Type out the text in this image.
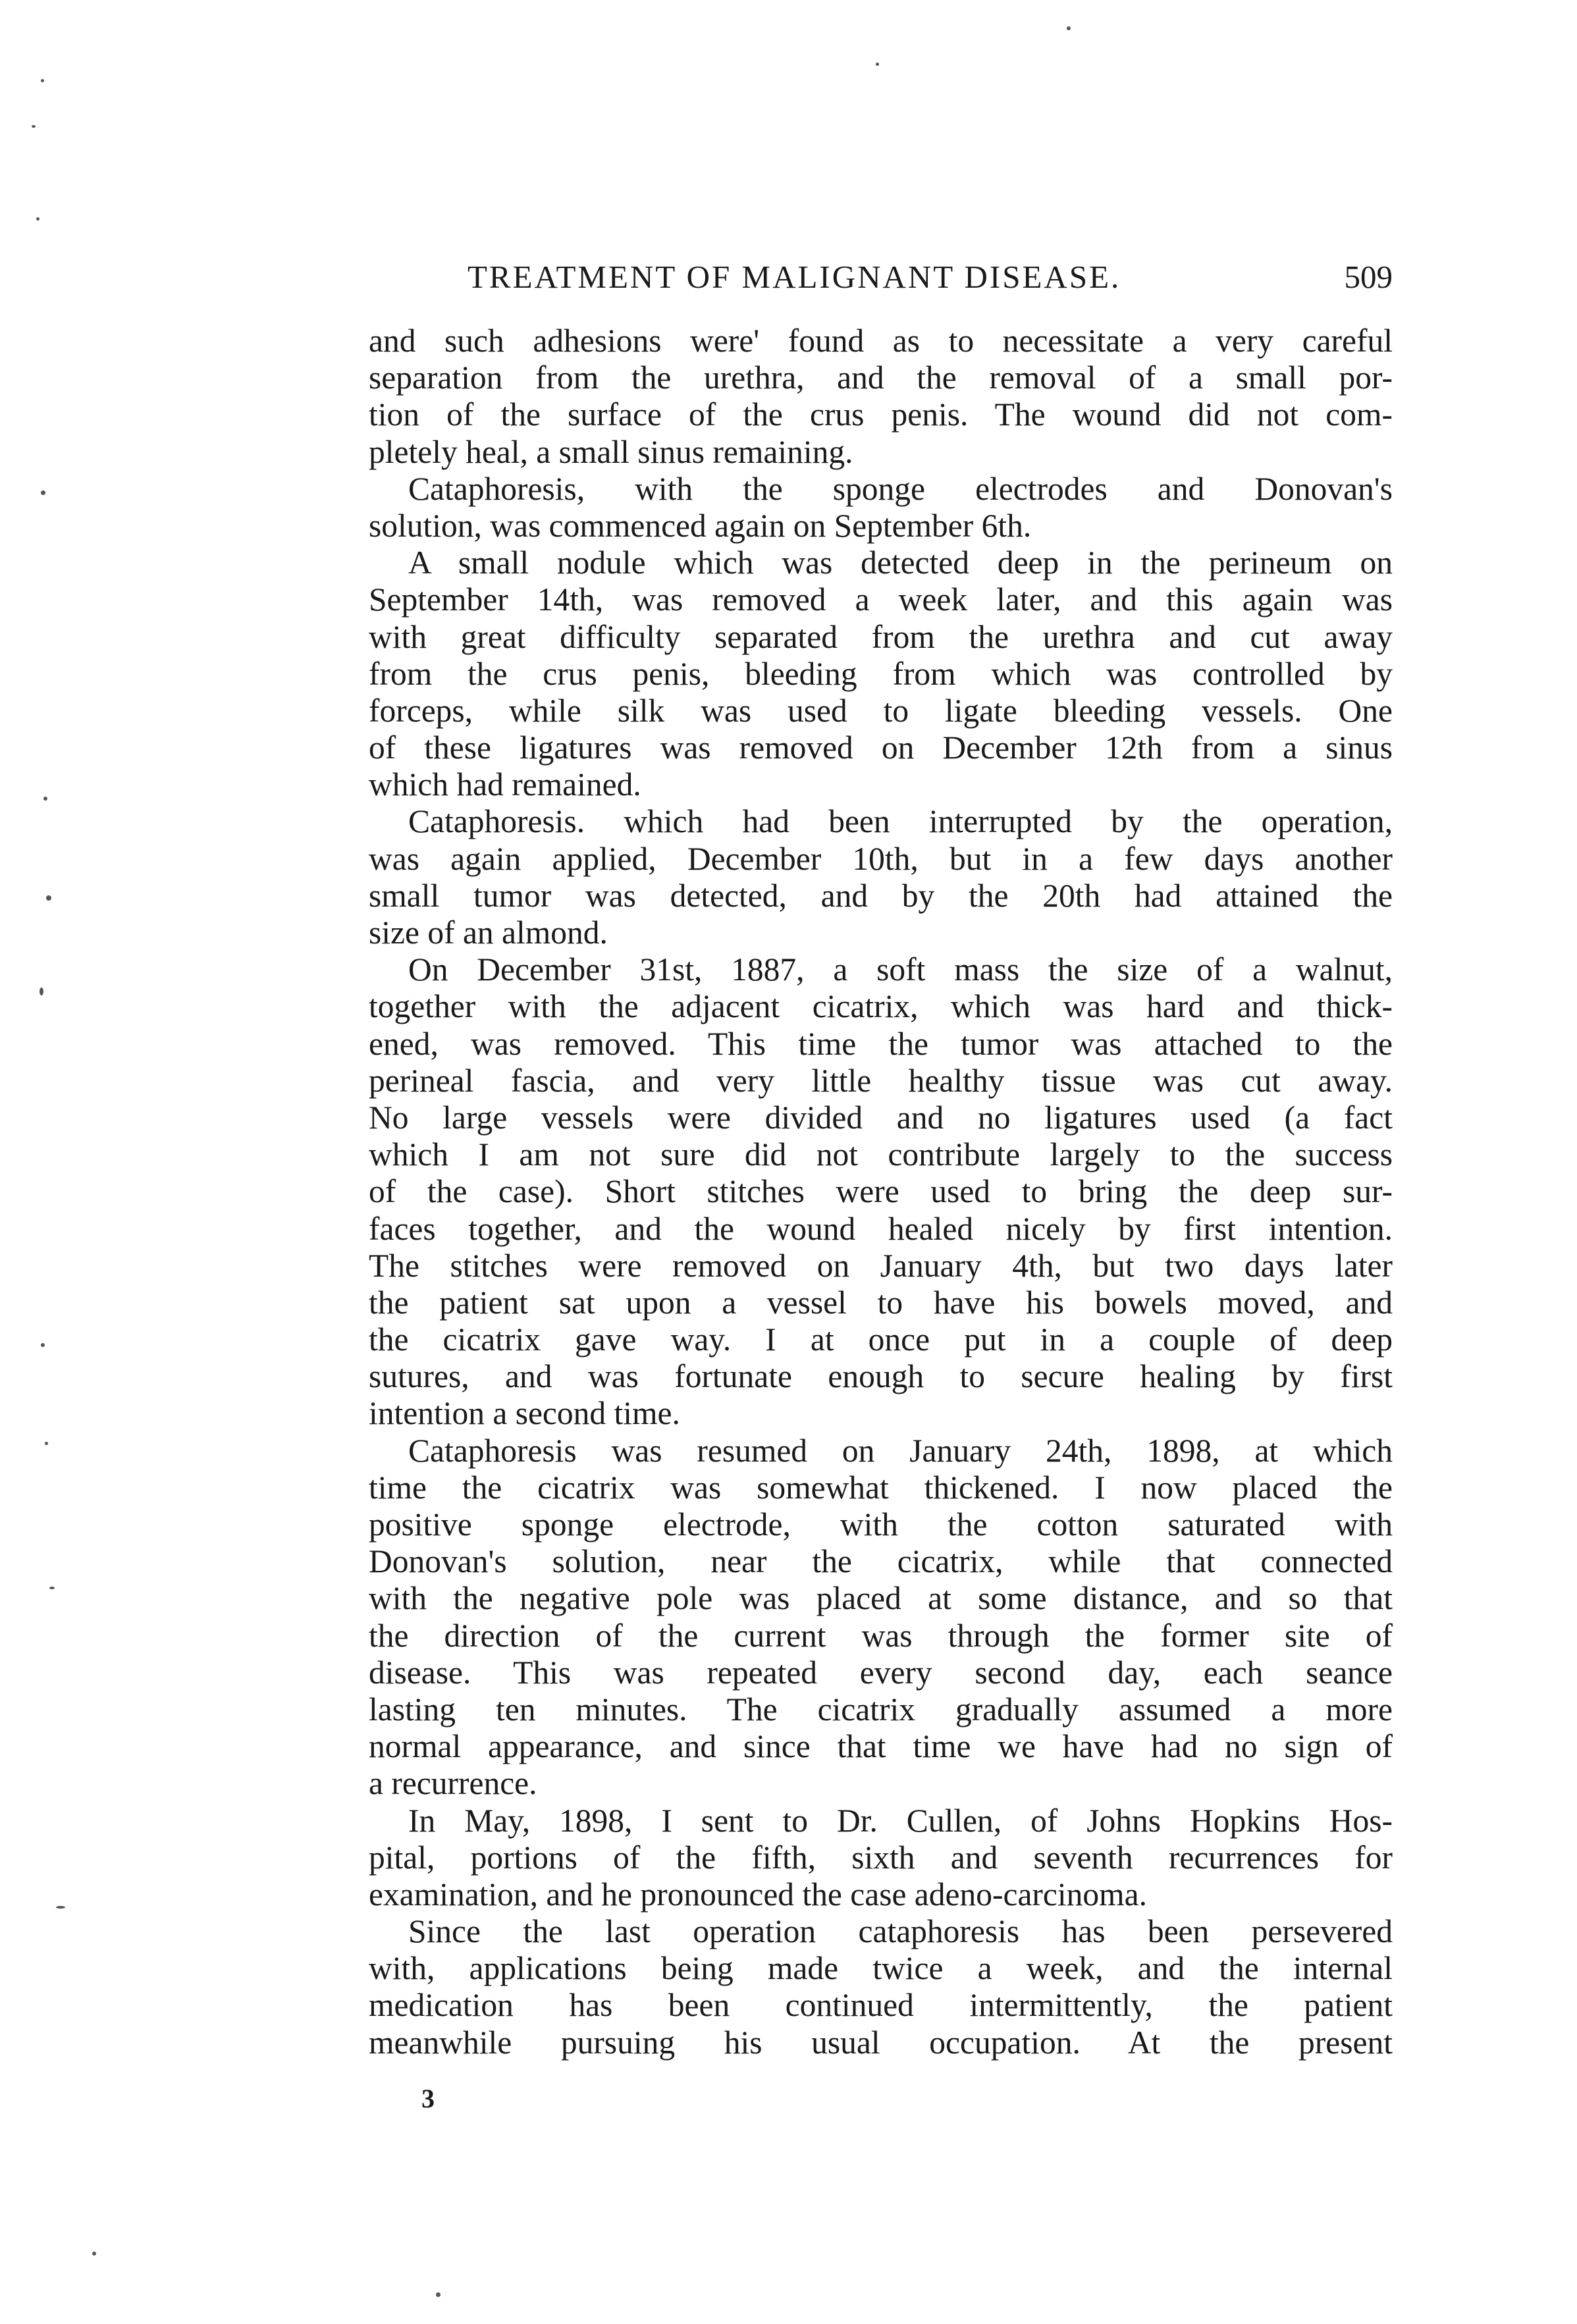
TREATMENT OF MALIGNANT DISEASE.	509
and such adhesions were' found as to necessitate a very careful
separation from the urethra, and the removal of a small por-
tion of the surface of the crus penis. The wound did not com-
pletely heal, a small sinus remaining.
Cataphoresis, with the sponge electrodes and Donovan's
solution, was commenced again on September 6th.
A small nodule which was detected deep in the perineum on
September 14th, was removed a week later, and this again was
with great difficulty separated from the urethra and cut away
from the crus penis, bleeding from which was controlled by
forceps, while silk was used to ligate bleeding vessels. One
of these ligatures was removed on December 12th from a sinus
which had remained.
Cataphoresis. which had been interrupted by the operation,
was again applied, December 10th, but in a few days another
small tumor was detected, and by the 20th had attained the
size of an almond.
On December 31st, 1887, a soft mass the size of a walnut,
together with the adjacent cicatrix, which was hard and thick-
ened, was removed. This time the tumor was attached to the
perineal fascia, and very little healthy tissue was cut away.
No large vessels were divided and no ligatures used (a fact
which I am not sure did not contribute largely to the success
of the case). Short stitches were used to bring the deep sur-
faces together, and the wound healed nicely by first intention.
The stitches were removed on January 4th, but two days later
the patient sat upon a vessel to have his bowels moved, and
the cicatrix gave way. I at once put in a couple of deep
sutures, and was fortunate enough to secure healing by first
intention a second time.
Cataphoresis was resumed on January 24th, 1898, at which
time the cicatrix was somewhat thickened. I now placed the
positive sponge electrode, with the cotton saturated with
Donovan's solution, near the cicatrix, while that connected
with the negative pole was placed at some distance, and so that
the direction of the current was through the former site of
disease. This was repeated every second day, each seance
lasting ten minutes. The cicatrix gradually assumed a more
normal appearance, and since that time we have had no sign of
a recurrence.
In May, 1898, I sent to Dr. Cullen, of Johns Hopkins Hos-
pital, portions of the fifth, sixth and seventh recurrences for
examination, and he pronounced the case adeno-carcinoma.
Since the last operation cataphoresis has been persevered
with, applications being made twice a week, and the internal
medication has been continued intermittently, the patient
meanwhile pursuing his usual occupation. At the present
3
